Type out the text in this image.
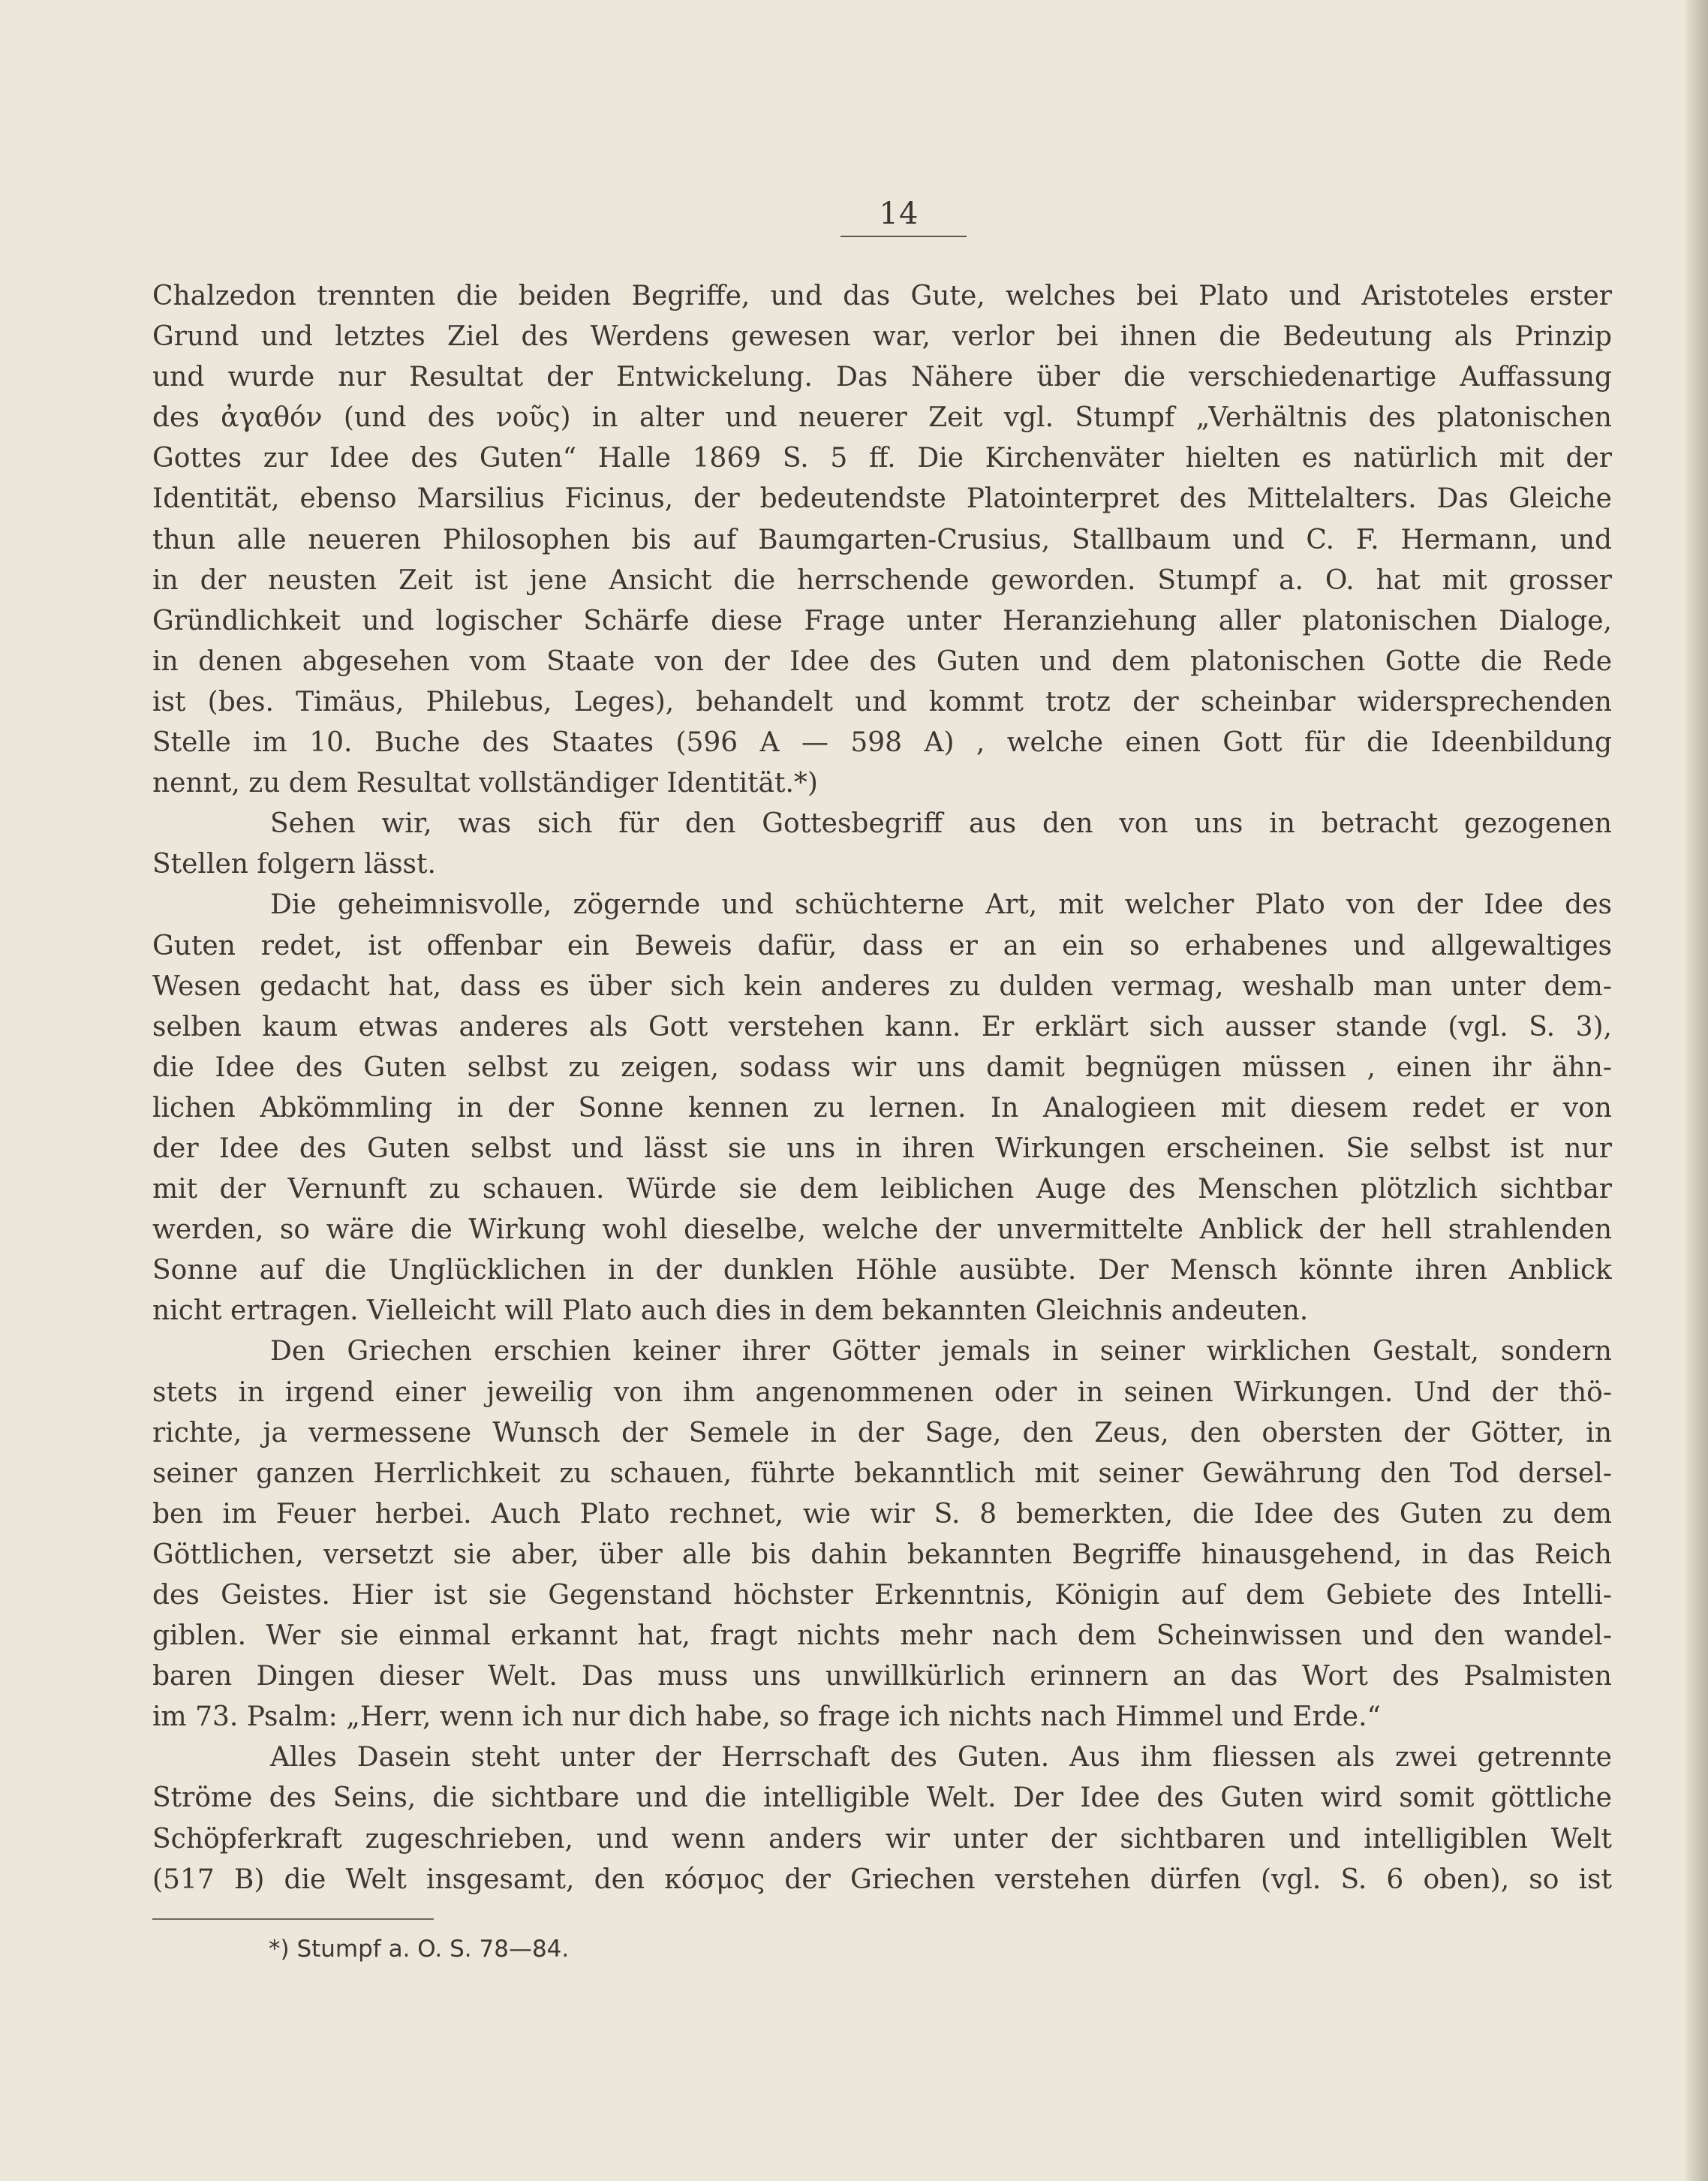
14
Chalzedon trennten die beiden Begriffe, und das Gute, welches bei Plato und Aristoteles erster
Grund und letztes Ziel des Werdens gewesen war, verlor bei ihnen die Bedeutung als Prinzip
und wurde nur Resultat der Entwickelung. Das Nähere über die verschiedenartige Auffassung
des ἀγαθόν (und des νοῦς) in alter und neuerer Zeit vgl. Stumpf „Verhältnis des platonischen
Gottes zur Idee des Guten“ Halle 1869 S. 5 ff. Die Kirchenväter hielten es natürlich mit der
Identität, ebenso Marsilius Ficinus, der bedeutendste Platointerpret des Mittelalters. Das Gleiche
thun alle neueren Philosophen bis auf Baumgarten-Crusius, Stallbaum und C. F. Hermann, und
in der neusten Zeit ist jene Ansicht die herrschende geworden. Stumpf a. O. hat mit grosser
Gründlichkeit und logischer Schärfe diese Frage unter Heranziehung aller platonischen Dialoge,
in denen abgesehen vom Staate von der Idee des Guten und dem platonischen Gotte die Rede
ist (bes. Timäus, Philebus, Leges), behandelt und kommt trotz der scheinbar widersprechenden
Stelle im 10. Buche des Staates (596 A — 598 A) , welche einen Gott für die Ideenbildung
nennt, zu dem Resultat vollständiger Identität.*)
Sehen wir, was sich für den Gottesbegriff aus den von uns in betracht gezogenen
Stellen folgern lässt.
Die geheimnisvolle, zögernde und schüchterne Art, mit welcher Plato von der Idee des
Guten redet, ist offenbar ein Beweis dafür, dass er an ein so erhabenes und allgewaltiges
Wesen gedacht hat, dass es über sich kein anderes zu dulden vermag, weshalb man unter dem-
selben kaum etwas anderes als Gott verstehen kann. Er erklärt sich ausser stande (vgl. S. 3),
die Idee des Guten selbst zu zeigen, sodass wir uns damit begnügen müssen , einen ihr ähn-
lichen Abkömmling in der Sonne kennen zu lernen. In Analogieen mit diesem redet er von
der Idee des Guten selbst und lässt sie uns in ihren Wirkungen erscheinen. Sie selbst ist nur
mit der Vernunft zu schauen. Würde sie dem leiblichen Auge des Menschen plötzlich sichtbar
werden, so wäre die Wirkung wohl dieselbe, welche der unvermittelte Anblick der hell strahlenden
Sonne auf die Unglücklichen in der dunklen Höhle ausübte. Der Mensch könnte ihren Anblick
nicht ertragen. Vielleicht will Plato auch dies in dem bekannten Gleichnis andeuten.
Den Griechen erschien keiner ihrer Götter jemals in seiner wirklichen Gestalt, sondern
stets in irgend einer jeweilig von ihm angenommenen oder in seinen Wirkungen. Und der thö-
richte, ja vermessene Wunsch der Semele in der Sage, den Zeus, den obersten der Götter, in
seiner ganzen Herrlichkeit zu schauen, führte bekanntlich mit seiner Gewährung den Tod dersel-
ben im Feuer herbei. Auch Plato rechnet, wie wir S. 8 bemerkten, die Idee des Guten zu dem
Göttlichen, versetzt sie aber, über alle bis dahin bekannten Begriffe hinausgehend, in das Reich
des Geistes. Hier ist sie Gegenstand höchster Erkenntnis, Königin auf dem Gebiete des Intelli-
giblen. Wer sie einmal erkannt hat, fragt nichts mehr nach dem Scheinwissen und den wandel-
baren Dingen dieser Welt. Das muss uns unwillkürlich erinnern an das Wort des Psalmisten
im 73. Psalm: „Herr, wenn ich nur dich habe, so frage ich nichts nach Himmel und Erde.“
Alles Dasein steht unter der Herrschaft des Guten. Aus ihm fliessen als zwei getrennte
Ströme des Seins, die sichtbare und die intelligible Welt. Der Idee des Guten wird somit göttliche
Schöpferkraft zugeschrieben, und wenn anders wir unter der sichtbaren und intelligiblen Welt
(517 B) die Welt insgesamt, den κόσμος der Griechen verstehen dürfen (vgl. S. 6 oben), so ist
*) Stumpf a. O. S. 78—84.
